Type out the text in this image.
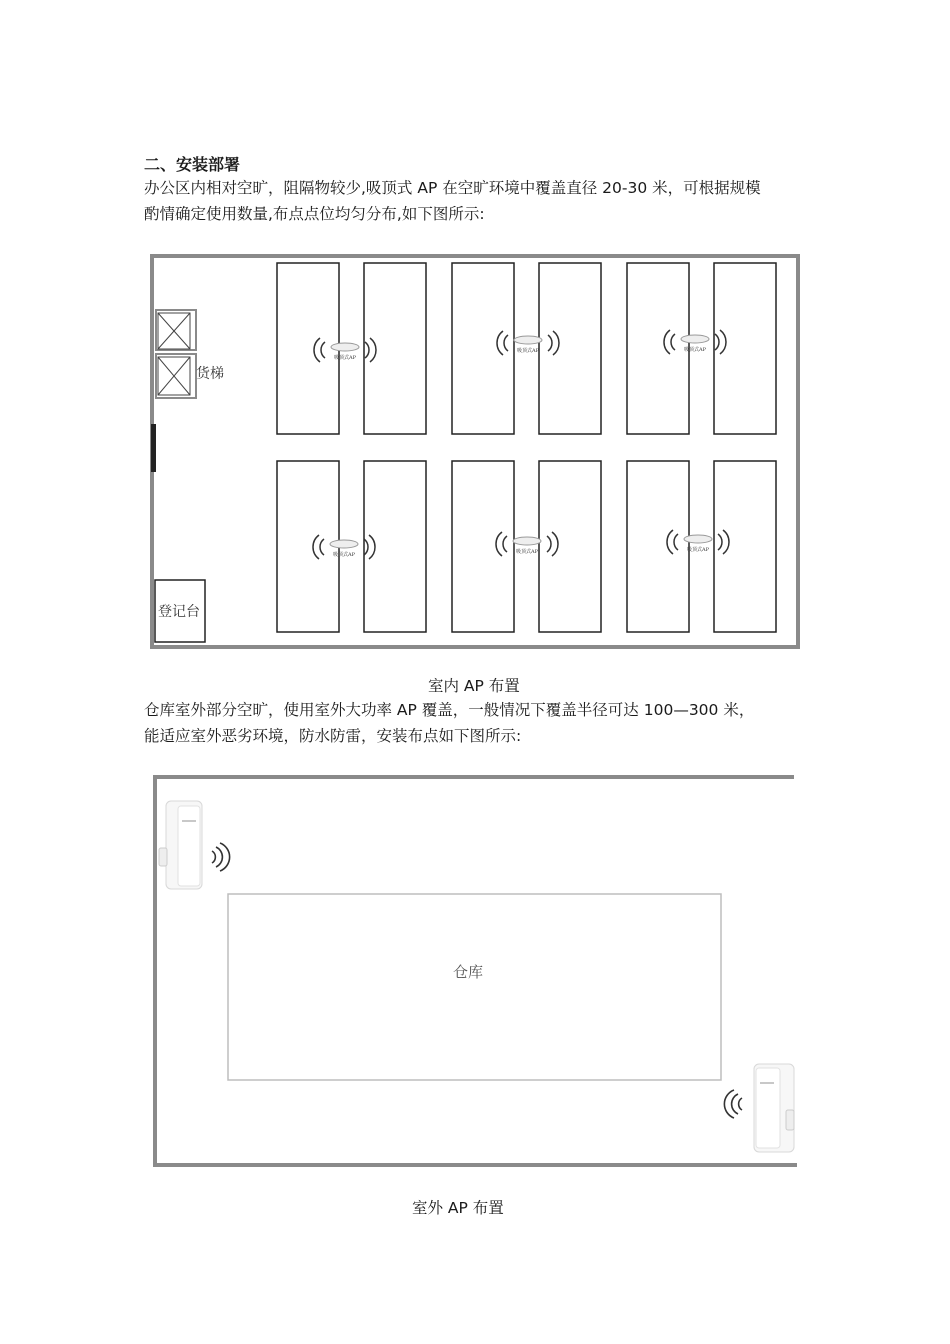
二、安装部署
办公区内相对空旷，阻隔物较少,吸顶式 AP 在空旷环境中覆盖直径 20-30 米，可根据规模
酌情确定使用数量,布点点位均匀分布,如下图所示:
货梯
登记台
吸顶式AP
吸顶式AP	吸顶式AP
吸顶式AP	吸顶式AP	吸顶式AP
仓库
室内 AP 布置
仓库室外部分空旷，使用室外大功率 AP 覆盖，一般情况下覆盖半径可达 100—300 米，
能适应室外恶劣环境，防水防雷，安装布点如下图所示:
室外 AP 布置
